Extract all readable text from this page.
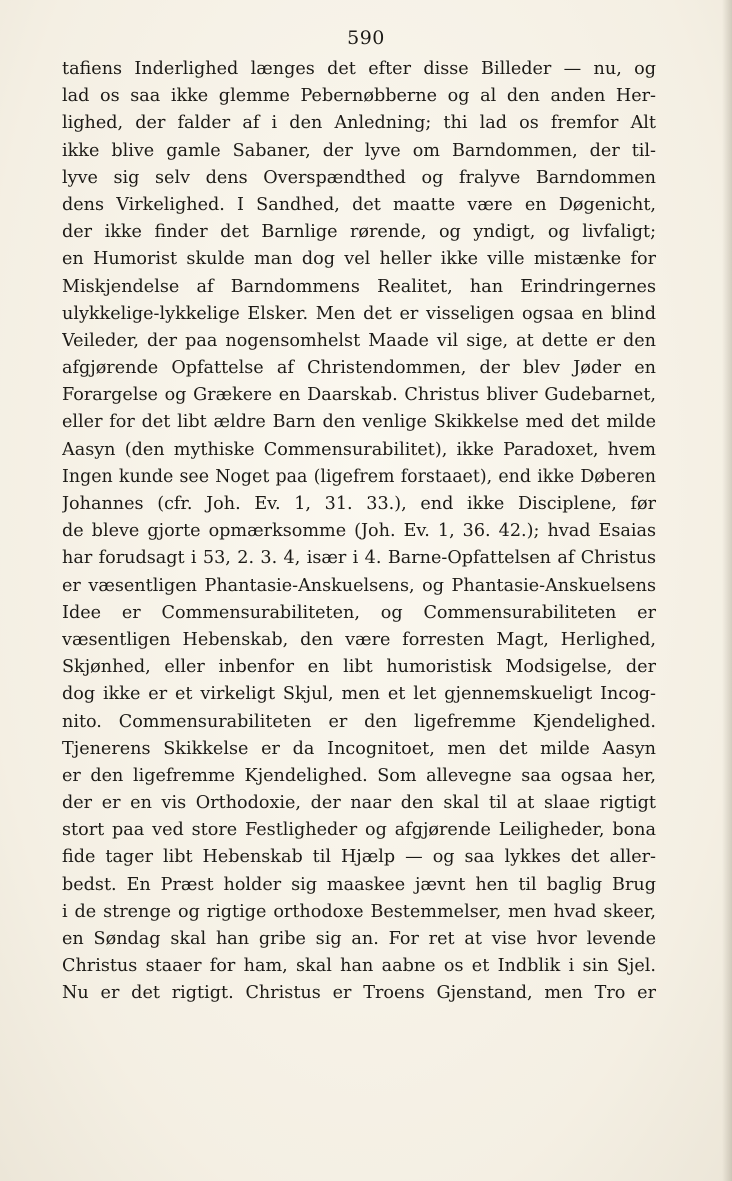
590
tafiens Inderlighed længes det efter disse Billeder — nu, og
lad os saa ikke glemme Pebernøbberne og al den anden Her-
lighed, der falder af i den Anledning; thi lad os fremfor Alt
ikke blive gamle Sabaner, der lyve om Barndommen, der til-
lyve sig selv dens Overspændthed og fralyve Barndommen
dens Virkelighed. I Sandhed, det maatte være en Døgenicht,
der ikke finder det Barnlige rørende, og yndigt, og livfaligt;
en Humorist skulde man dog vel heller ikke ville mistænke for
Miskjendelse af Barndommens Realitet, han Erindringernes
ulykkelige-lykkelige Elsker. Men det er visseligen ogsaa en blind
Veileder, der paa nogensomhelst Maade vil sige, at dette er den
afgjørende Opfattelse af Christendommen, der blev Jøder en
Forargelse og Grækere en Daarskab. Christus bliver Gudebarnet,
eller for det libt ældre Barn den venlige Skikkelse med det milde
Aasyn (den mythiske Commensurabilitet), ikke Paradoxet, hvem
Ingen kunde see Noget paa (ligefrem forstaaet), end ikke Døberen
Johannes (cfr. Joh. Ev. 1, 31. 33.), end ikke Disciplene, før
de bleve gjorte opmærksomme (Joh. Ev. 1, 36. 42.); hvad Esaias
har forudsagt i 53, 2. 3. 4, især i 4. Barne-Opfattelsen af Christus
er væsentligen Phantasie-Anskuelsens, og Phantasie-Anskuelsens
Idee er Commensurabiliteten, og Commensurabiliteten er
væsentligen Hebenskab, den være forresten Magt, Herlighed,
Skjønhed, eller inbenfor en libt humoristisk Modsigelse, der
dog ikke er et virkeligt Skjul, men et let gjennemskueligt Incog-
nito. Commensurabiliteten er den ligefremme Kjendelighed.
Tjenerens Skikkelse er da Incognitoet, men det milde Aasyn
er den ligefremme Kjendelighed. Som allevegne saa ogsaa her,
der er en vis Orthodoxie, der naar den skal til at slaae rigtigt
stort paa ved store Festligheder og afgjørende Leiligheder, bona
fide tager libt Hebenskab til Hjælp — og saa lykkes det aller-
bedst. En Præst holder sig maaskee jævnt hen til baglig Brug
i de strenge og rigtige orthodoxe Bestemmelser, men hvad skeer,
en Søndag skal han gribe sig an. For ret at vise hvor levende
Christus staaer for ham, skal han aabne os et Indblik i sin Sjel.
Nu er det rigtigt. Christus er Troens Gjenstand, men Tro er
